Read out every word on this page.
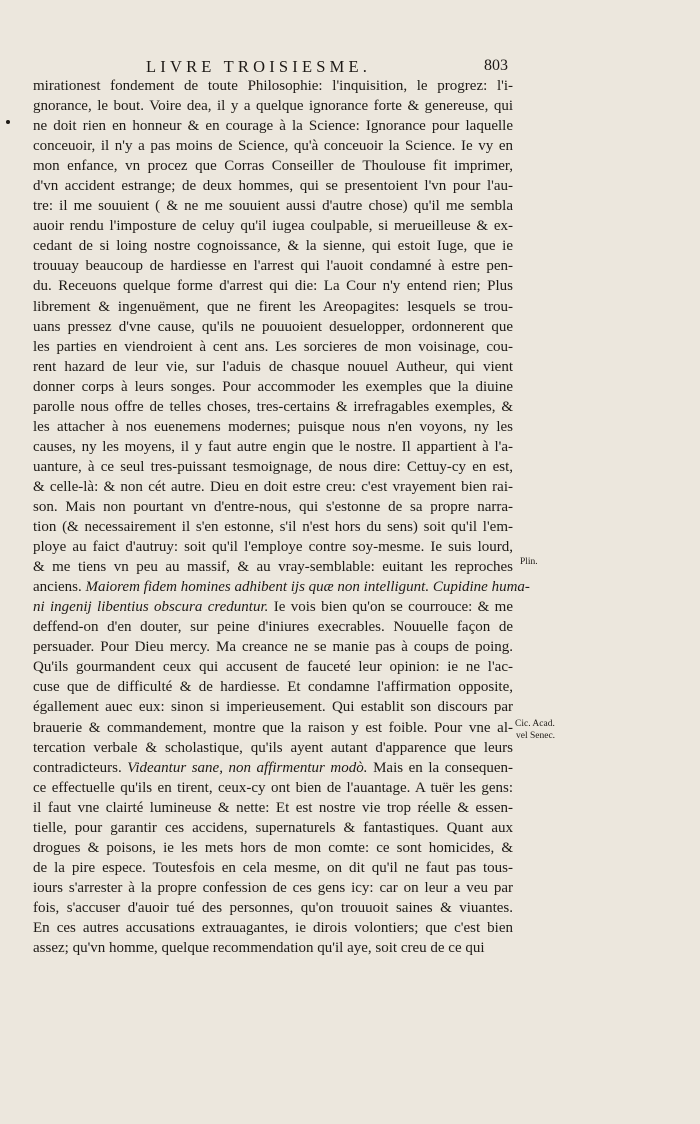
LIVRE TROISIESME.	803
mirationest fondement de toute Philosophie: l'inquisition, le progrez: l'i-
gnorance, le bout. Voire dea, il y a quelque ignorance forte & genereuse, qui
ne doit rien en honneur & en courage à la Science: Ignorance pour laquelle
conceuoir, il n'y a pas moins de Science, qu'à conceuoir la Science. Ie vy en
mon enfance, vn procez que Corras Conseiller de Thoulouse fit imprimer,
d'vn accident estrange; de deux hommes, qui se presentoient l'vn pour l'au-
tre: il me souuient ( & ne me souuient aussi d'autre chose) qu'il me sembla
auoir rendu l'imposture de celuy qu'il iugea coulpable, si merueilleuse & ex-
cedant de si loing nostre cognoissance, & la sienne, qui estoit Iuge, que ie
trouuay beaucoup de hardiesse en l'arrest qui l'auoit condamné à estre pen-
du. Receuons quelque forme d'arrest qui die: La Cour n'y entend rien; Plus
librement & ingenuëment, que ne firent les Areopagites: lesquels se trou-
uans pressez d'vne cause, qu'ils ne pouuoient desuelopper, ordonnerent que
les parties en viendroient à cent ans. Les sorcieres de mon voisinage, cou-
rent hazard de leur vie, sur l'aduis de chasque nouuel Autheur, qui vient
donner corps à leurs songes. Pour accommoder les exemples que la diuine
parolle nous offre de telles choses, tres-certains & irrefragables exemples, &
les attacher à nos euenemens modernes; puisque nous n'en voyons, ny les
causes, ny les moyens, il y faut autre engin que le nostre. Il appartient à l'a-
uanture, à ce seul tres-puissant tesmoignage, de nous dire: Cettuy-cy en est,
& celle-là: & non cét autre. Dieu en doit estre creu: c'est vrayement bien rai-
son. Mais non pourtant vn d'entre-nous, qui s'estonne de sa propre narra-
tion (& necessairement il s'en estonne, s'il n'est hors du sens) soit qu'il l'em-
ploye au faict d'autruy: soit qu'il l'employe contre soy-mesme. Ie suis lourd,
& me tiens vn peu au massif, & au vray-semblable: euitant les reproches
anciens. Maiorem fidem homines adhibent ijs quæ non intelligunt. Cupidine huma-
ni ingenij libentius obscura creduntur. Ie vois bien qu'on se courrouce: & me
deffend-on d'en douter, sur peine d'iniures execrables. Nouuelle façon de
persuader. Pour Dieu mercy. Ma creance ne se manie pas à coups de poing.
Qu'ils gourmandent ceux qui accusent de fauceté leur opinion: ie ne l'ac-
cuse que de difficulté & de hardiesse. Et condamne l'affirmation opposite,
égallement auec eux: sinon si imperieusement. Qui establit son discours par
brauerie & commandement, montre que la raison y est foible. Pour vne al-
tercation verbale & scholastique, qu'ils ayent autant d'apparence que leurs
contradicteurs. Videantur sane, non affirmentur modò. Mais en la consequen-
ce effectuelle qu'ils en tirent, ceux-cy ont bien de l'auantage. A tuër les gens:
il faut vne clairté lumineuse & nette: Et est nostre vie trop réelle & essen-
tielle, pour garantir ces accidens, supernaturels & fantastiques. Quant aux
drogues & poisons, ie les mets hors de mon comte: ce sont homicides, &
de la pire espece. Toutesfois en cela mesme, on dit qu'il ne faut pas tous-
iours s'arrester à la propre confession de ces gens icy: car on leur a veu par
fois, s'accuser d'auoir tué des personnes, qu'on trouuoit saines & viuantes.
En ces autres accusations extrauagantes, ie dirois volontiers; que c'est bien
assez; qu'vn homme, quelque recommendation qu'il aye, soit creu de ce qui
Plin.
Cic. Acad.
vel Senec.
